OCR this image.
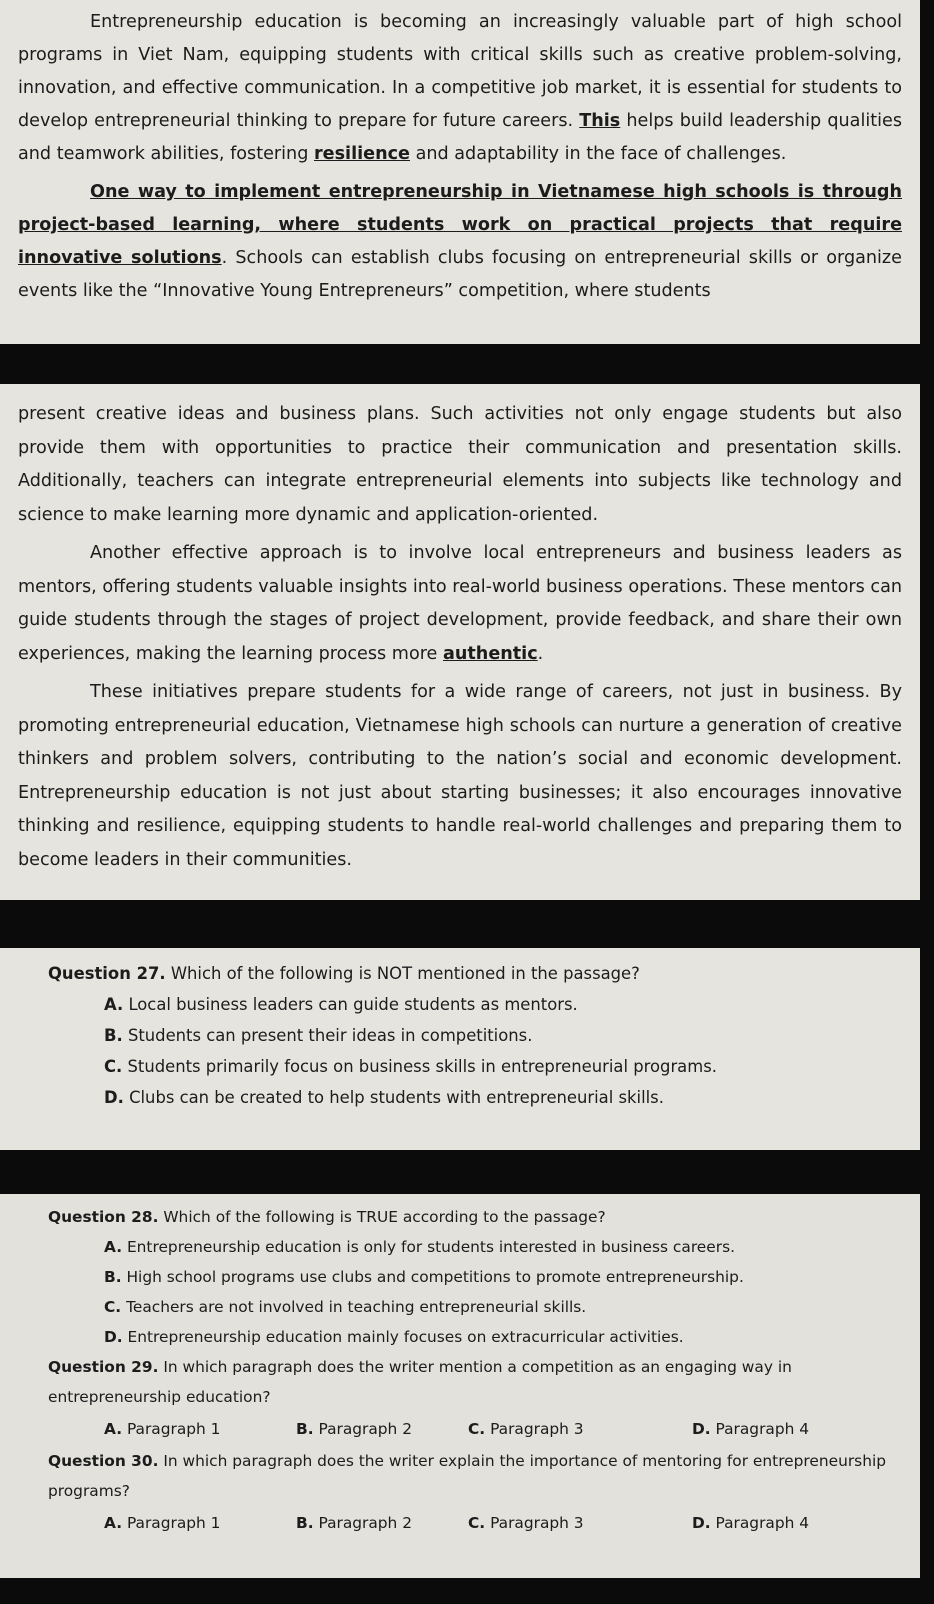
Entrepreneurship education is becoming an increasingly valuable part of high school programs in Viet Nam, equipping students with critical skills such as creative problem-solving, innovation, and effective communication. In a competitive job market, it is essential for students to develop entrepreneurial thinking to prepare for future careers. This helps build leadership qualities and teamwork abilities, fostering resilience and adaptability in the face of challenges.

One way to implement entrepreneurship in Vietnamese high schools is through project-based learning, where students work on practical projects that require innovative solutions. Schools can establish clubs focusing on entrepreneurial skills or organize events like the “Innovative Young Entrepreneurs” competition, where students

present creative ideas and business plans. Such activities not only engage students but also provide them with opportunities to practice their communication and presentation skills. Additionally, teachers can integrate entrepreneurial elements into subjects like technology and science to make learning more dynamic and application-oriented.

Another effective approach is to involve local entrepreneurs and business leaders as mentors, offering students valuable insights into real-world business operations. These mentors can guide students through the stages of project development, provide feedback, and share their own experiences, making the learning process more authentic.

These initiatives prepare students for a wide range of careers, not just in business. By promoting entrepreneurial education, Vietnamese high schools can nurture a generation of creative thinkers and problem solvers, contributing to the nation’s social and economic development. Entrepreneurship education is not just about starting businesses; it also encourages innovative thinking and resilience, equipping students to handle real-world challenges and preparing them to become leaders in their communities.

Question 27. Which of the following is NOT mentioned in the passage?

A. Local business leaders can guide students as mentors.
B. Students can present their ideas in competitions.
C. Students primarily focus on business skills in entrepreneurial programs.
D. Clubs can be created to help students with entrepreneurial skills.

Question 28. Which of the following is TRUE according to the passage?

A. Entrepreneurship education is only for students interested in business careers.
B. High school programs use clubs and competitions to promote entrepreneurship.
C. Teachers are not involved in teaching entrepreneurial skills.
D. Entrepreneurship education mainly focuses on extracurricular activities.

Question 29. In which paragraph does the writer mention a competition as an engaging way in entrepreneurship education?

A. Paragraph 1	B. Paragraph 2	C. Paragraph 3	D. Paragraph 4

Question 30. In which paragraph does the writer explain the importance of mentoring for entrepreneurship programs?

A. Paragraph 1	B. Paragraph 2	C. Paragraph 3	D. Paragraph 4
